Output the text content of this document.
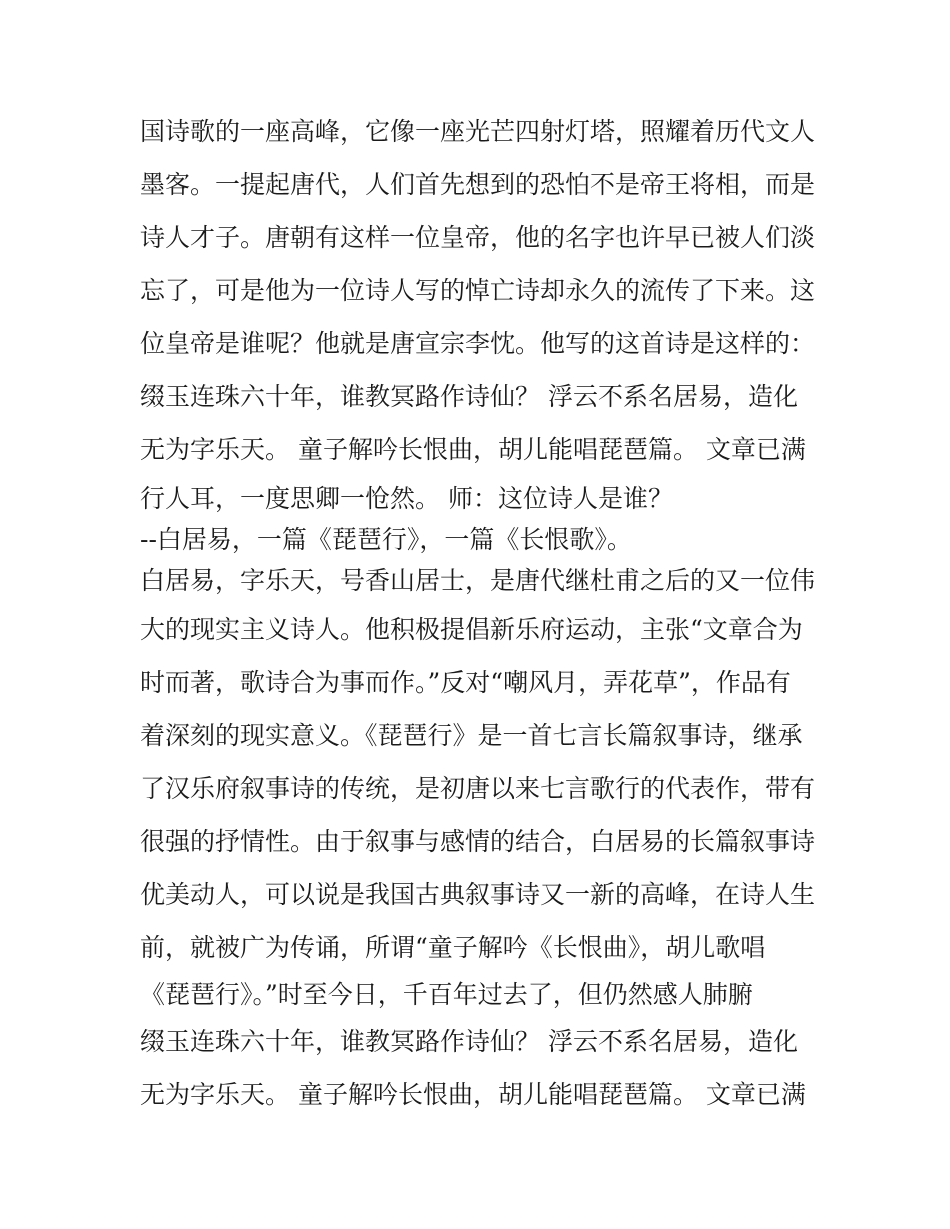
国诗歌的一座高峰，它像一座光芒四射灯塔，照耀着历代文人
墨客。一提起唐代，人们首先想到的恐怕不是帝王将相，而是
诗人才子。唐朝有这样一位皇帝，他的名字也许早已被人们淡
忘了，可是他为一位诗人写的悼亡诗却永久的流传了下来。这
位皇帝是谁呢？他就是唐宣宗李忱。他写的这首诗是这样的：
缀玉连珠六十年，谁教冥路作诗仙？ 浮云不系名居易，造化
无为字乐天。 童子解吟长恨曲，胡儿能唱琵琶篇。 文章已满
行人耳，一度思卿一怆然。 师：这位诗人是谁？
--白居易，一篇《琵琶行》，一篇《长恨歌》。
白居易，字乐天，号香山居士，是唐代继杜甫之后的又一位伟
大的现实主义诗人。他积极提倡新乐府运动，主张“文章合为
时而著，歌诗合为事而作。”反对“嘲风月，弄花草”，作品有
着深刻的现实意义。《琵琶行》是一首七言长篇叙事诗，继承
了汉乐府叙事诗的传统，是初唐以来七言歌行的代表作，带有
很强的抒情性。由于叙事与感情的结合，白居易的长篇叙事诗
优美动人，可以说是我国古典叙事诗又一新的高峰，在诗人生
前，就被广为传诵，所谓“童子解吟《长恨曲》，胡儿歌唱
《琵琶行》。”时至今日，千百年过去了，但仍然感人肺腑
缀玉连珠六十年，谁教冥路作诗仙？ 浮云不系名居易，造化
无为字乐天。 童子解吟长恨曲，胡儿能唱琵琶篇。 文章已满
